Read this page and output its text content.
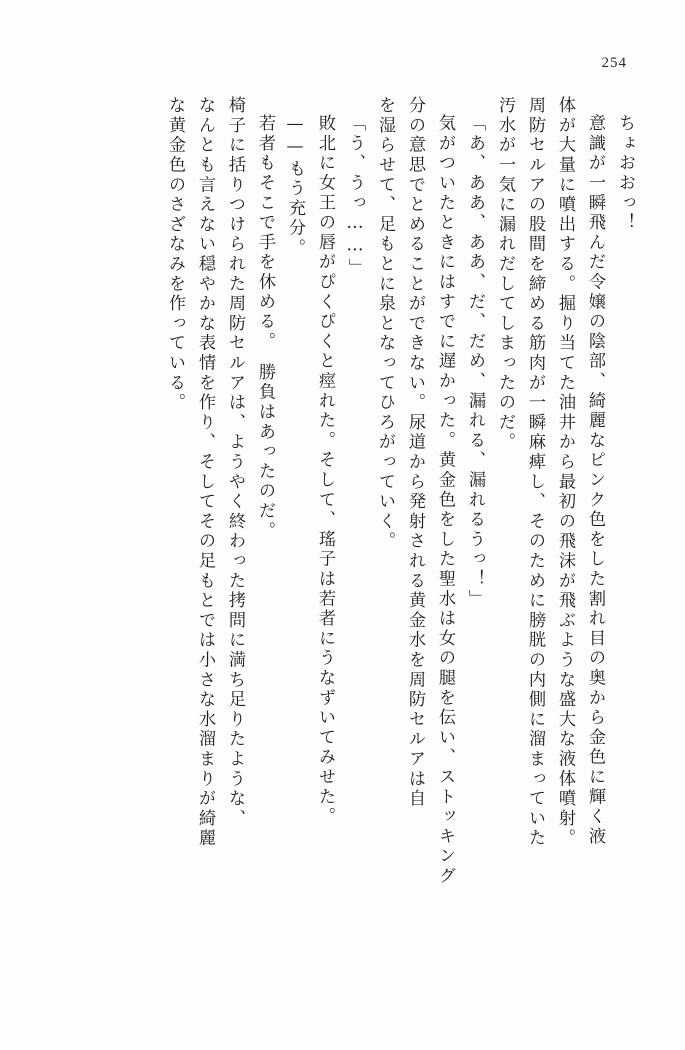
254
ちょおおっ！
意識が一瞬飛んだ令嬢の陰部、綺麗なピンク色をした割れ目の奥から金色に輝く液
体が大量に噴出する。掘り当てた油井から最初の飛沫が飛ぶような盛大な液体噴射。
周防セルアの股間を締める筋肉が一瞬麻痺し、そのために膀胱の内側に溜まっていた
汚水が一気に漏れだしてしまったのだ。
「あ、ああ、ああ、だ、だめ、漏れる、漏れるうっ！」
気がついたときにはすでに遅かった。黄金色をした聖水は女の腿を伝い、ストッキング
分の意思でとめることができない。尿道から発射される黄金水を周防セルアは自
を湿らせて、足もとに泉となってひろがっていく。
「う、うっ……」
敗北に女王の唇がぴくぴくと痙れた。そして、瑤子は若者にうなずいてみせた。
——もう充分。
若者もそこで手を休める。　勝負はあったのだ。
椅子に括りつけられた周防セルアは、ようやく終わった拷問に満ち足りたような、
なんとも言えない穏やかな表情を作り、そしてその足もとでは小さな水溜まりが綺麗
な黄金色のさざなみを作っている。
